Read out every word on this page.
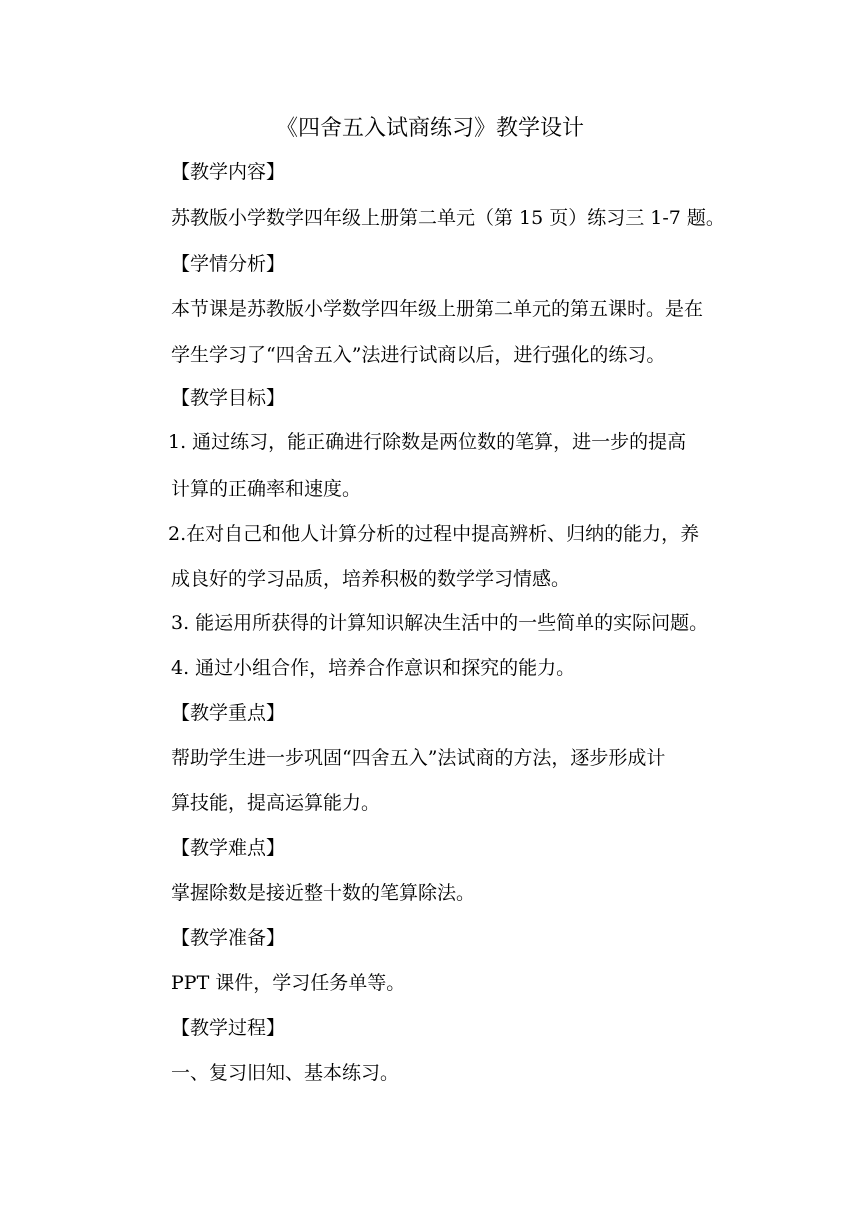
《四舍五入试商练习》教学设计
【教学内容】
苏教版小学数学四年级上册第二单元（第 15 页）练习三 1-7 题。
【学情分析】
本节课是苏教版小学数学四年级上册第二单元的第五课时。是在
学生学习了“四舍五入”法进行试商以后，进行强化的练习。
【教学目标】
1. 通过练习，能正确进行除数是两位数的笔算，进一步的提高
计算的正确率和速度。
2.在对自己和他人计算分析的过程中提高辨析、归纳的能力，养
成良好的学习品质，培养积极的数学学习情感。
3. 能运用所获得的计算知识解决生活中的一些简单的实际问题。
4. 通过小组合作，培养合作意识和探究的能力。
【教学重点】
帮助学生进一步巩固“四舍五入”法试商的方法，逐步形成计
算技能，提高运算能力。
【教学难点】
掌握除数是接近整十数的笔算除法。
【教学准备】
PPT 课件，学习任务单等。
【教学过程】
一、复习旧知、基本练习。
